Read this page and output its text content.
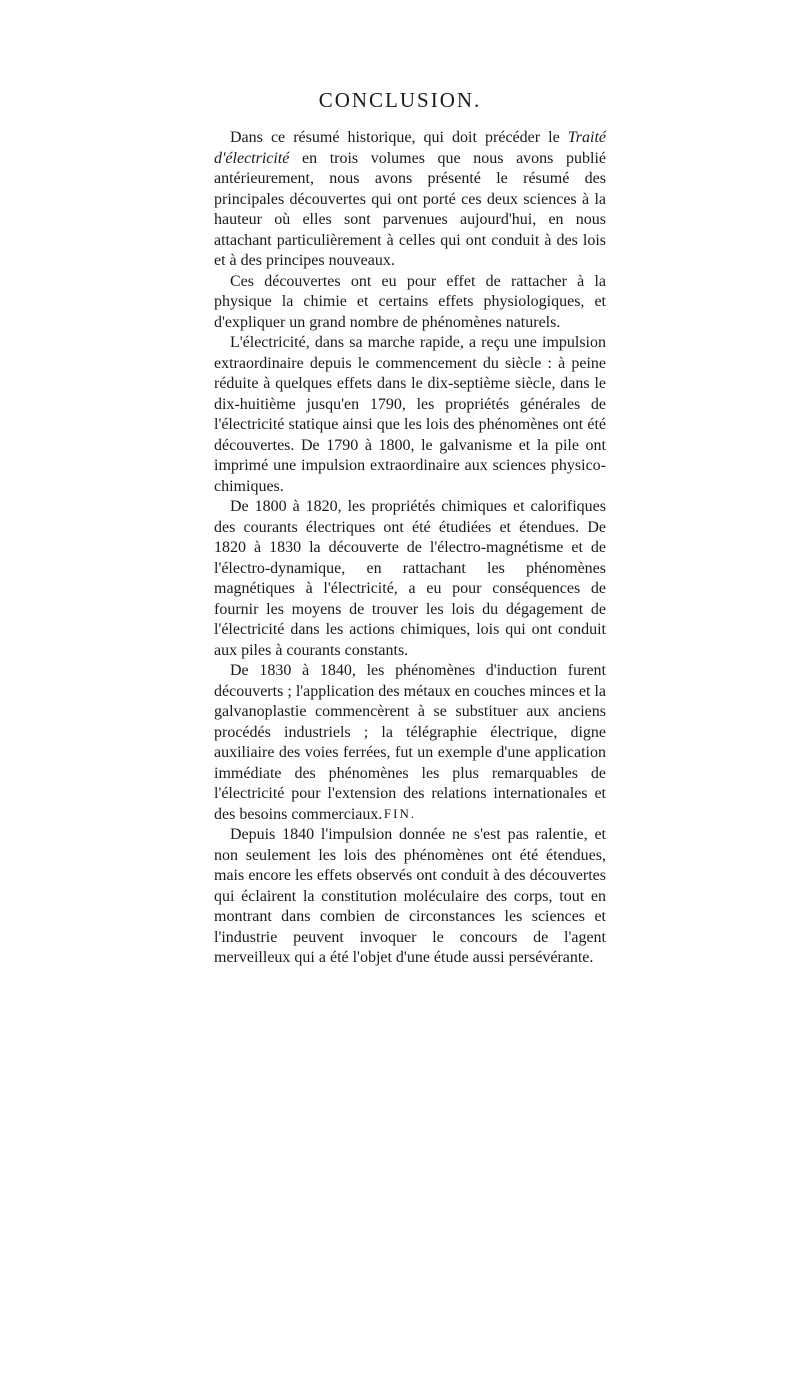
CONCLUSION.

Dans ce résumé historique, qui doit précéder le Traité d'électricité en trois volumes que nous avons publié antérieurement, nous avons présenté le résumé des principales découvertes qui ont porté ces deux sciences à la hauteur où elles sont parvenues aujourd'hui, en nous attachant particulièrement à celles qui ont conduit à des lois et à des principes nouveaux.

Ces découvertes ont eu pour effet de rattacher à la physique la chimie et certains effets physiologiques, et d'expliquer un grand nombre de phénomènes naturels.

L'électricité, dans sa marche rapide, a reçu une impulsion extraordinaire depuis le commencement du siècle : à peine réduite à quelques effets dans le dix-septième siècle, dans le dix-huitième jusqu'en 1790, les propriétés générales de l'électricité statique ainsi que les lois des phénomènes ont été découvertes. De 1790 à 1800, le galvanisme et la pile ont imprimé une impulsion extraordinaire aux sciences physico-chimiques.

De 1800 à 1820, les propriétés chimiques et calorifiques des courants électriques ont été étudiées et étendues. De 1820 à 1830 la découverte de l'électro-magnétisme et de l'électro-dynamique, en rattachant les phénomènes magnétiques à l'électricité, a eu pour conséquences de fournir les moyens de trouver les lois du dégagement de l'électricité dans les actions chimiques, lois qui ont conduit aux piles à courants constants.

De 1830 à 1840, les phénomènes d'induction furent découverts ; l'application des métaux en couches minces et la galvanoplastie commencèrent à se substituer aux anciens procédés industriels ; la télégraphie électrique, digne auxiliaire des voies ferrées, fut un exemple d'une application immédiate des phénomènes les plus remarquables de l'électricité pour l'extension des relations internationales et des besoins commerciaux.

Depuis 1840 l'impulsion donnée ne s'est pas ralentie, et non seulement les lois des phénomènes ont été étendues, mais encore les effets observés ont conduit à des découvertes qui éclairent la constitution moléculaire des corps, tout en montrant dans combien de circonstances les sciences et l'industrie peuvent invoquer le concours de l'agent merveilleux qui a été l'objet d'une étude aussi persévérante.

FIN.
